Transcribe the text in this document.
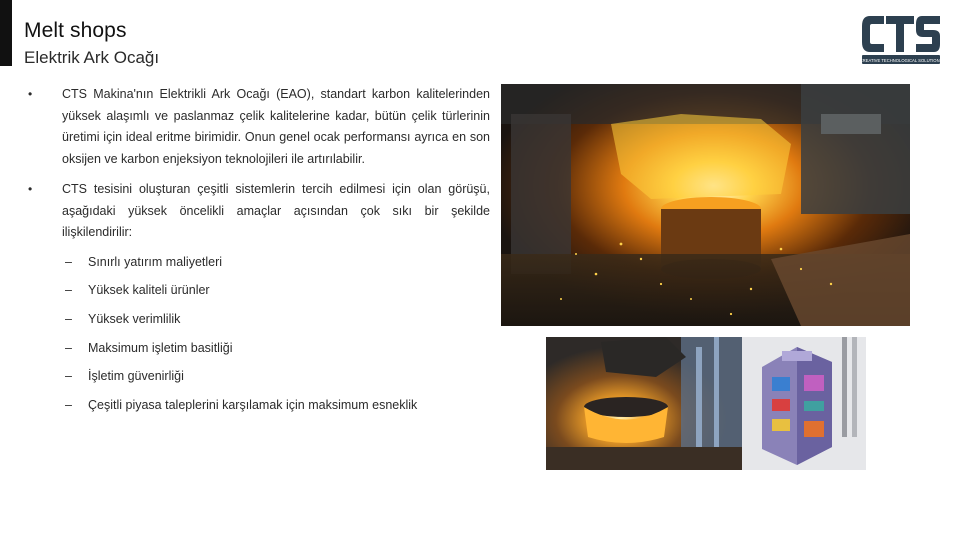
Melt shops
Elektrik Ark Ocağı	CREATIVE TECHNOLOGICAL SOLUTIONS
• CTS Makina'nın Elektrikli Ark Ocağı (EAO), standart karbon kalitelerinden yüksek alaşımlı ve paslanmaz çelik kalitelerine kadar, bütün çelik türlerinin üretimi için ideal eritme birimidir. Onun genel ocak performansı ayrıca en son oksijen ve karbon enjeksiyon teknolojileri ile artırılabilir.
• CTS tesisini oluşturan çeşitli sistemlerin tercih edilmesi için olan görüşü, aşağıdaki yüksek öncelikli amaçlar açısından çok sıkı bir şekilde ilişkilendirilir:
– Sınırlı yatırım maliyetleri
– Yüksek kaliteli ürünler
– Yüksek verimlilik
– Maksimum işletim basitliği
– İşletim güvenirliği
– Çeşitli piyasa taleplerini karşılamak için maksimum esneklik
